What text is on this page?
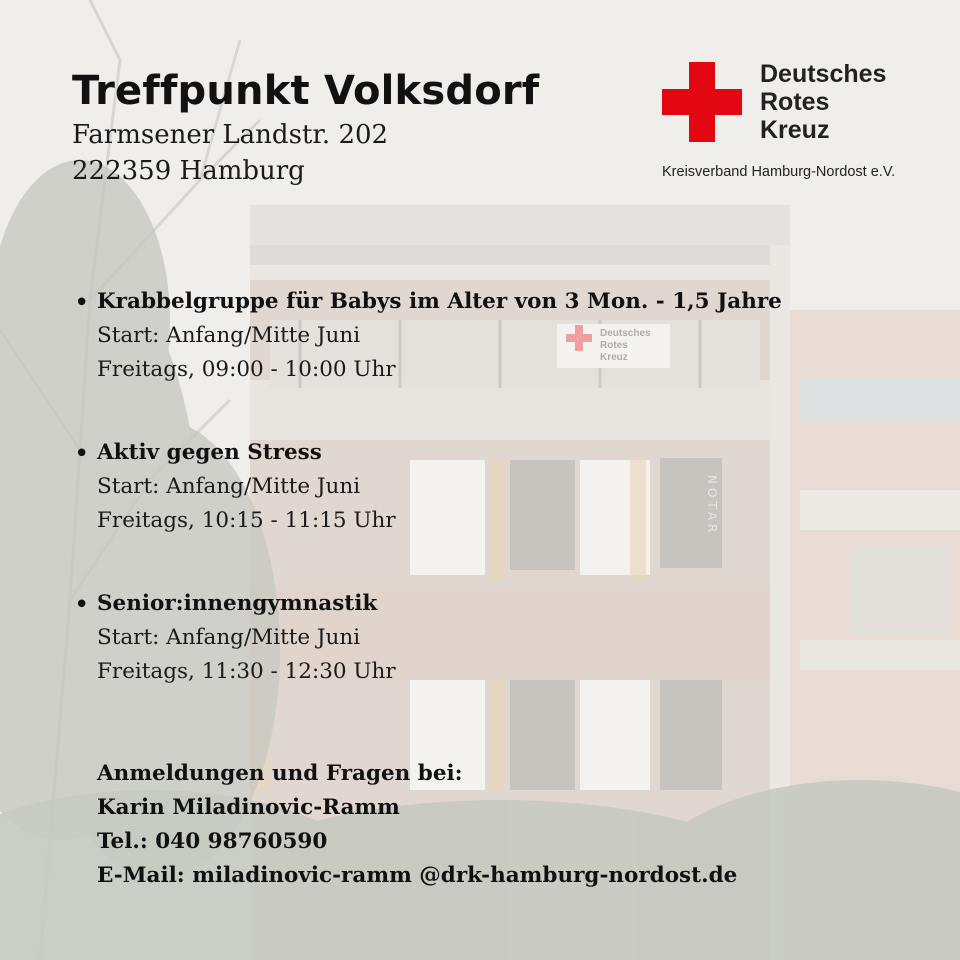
Treffpunkt Volksdorf
Farmsener Landstr. 202
222359 Hamburg
Deutsches
Rotes
Kreuz
Kreisverband Hamburg-Nordost e.V.
• Krabbelgruppe für Babys im Alter von 3 Mon. - 1,5 Jahre
Start: Anfang/Mitte Juni
Freitags, 09:00 - 10:00 Uhr
• Aktiv gegen Stress
Start: Anfang/Mitte Juni
Freitags, 10:15 - 11:15 Uhr
• Senior:innengymnastik
Start: Anfang/Mitte Juni
Freitags, 11:30 - 12:30 Uhr
Anmeldungen und Fragen bei:
Karin Miladinovic-Ramm
Tel.: 040 98760590
E-Mail: miladinovic-ramm @drk-hamburg-nordost.de
